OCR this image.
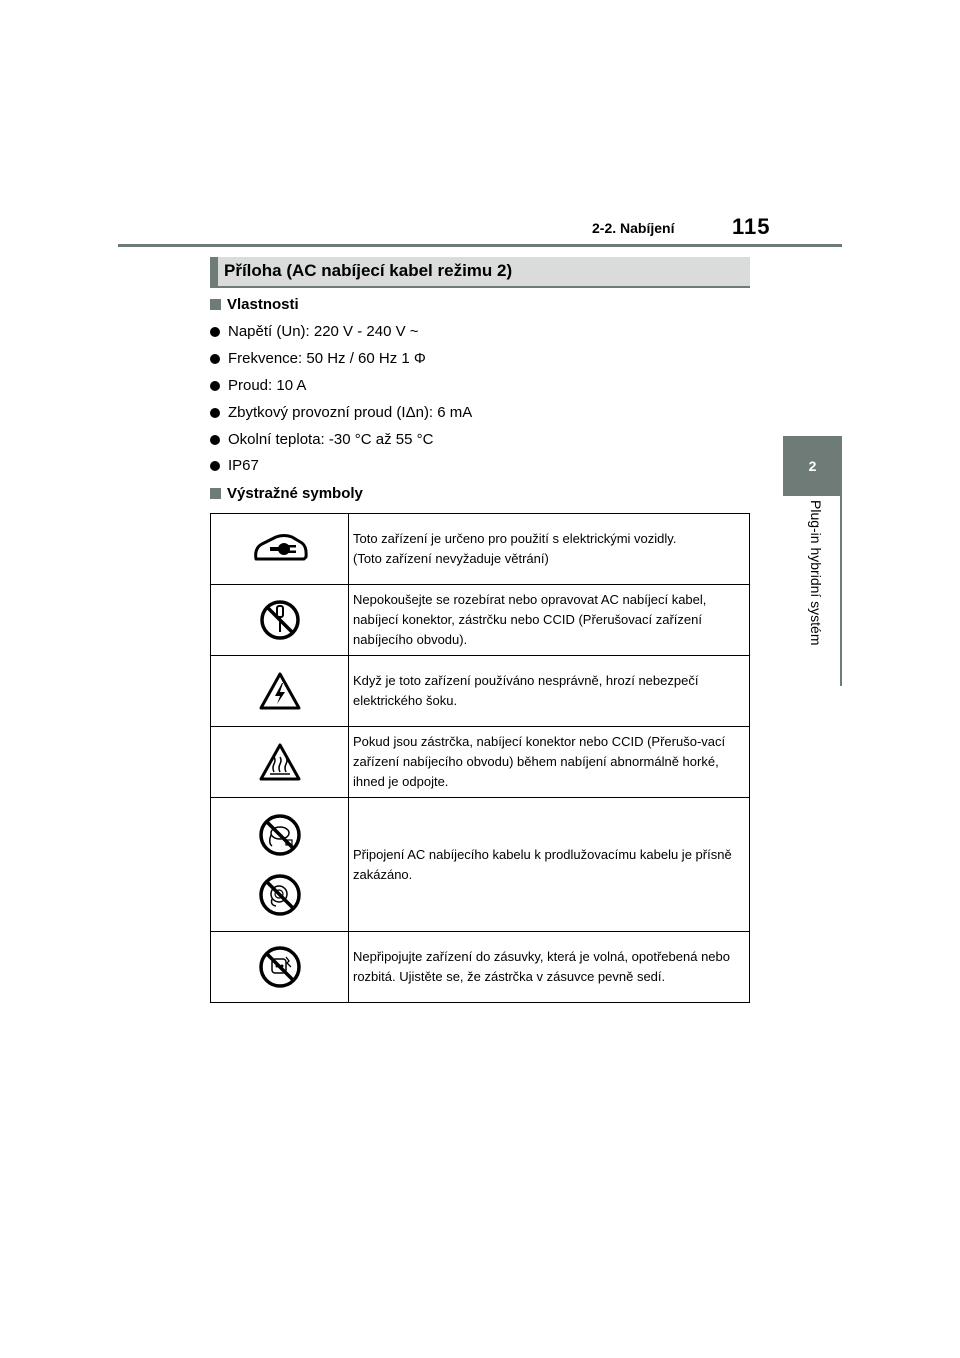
2-2. Nabíjení	115
2
Plug-in hybridní systém
Příloha (AC nabíjecí kabel režimu 2)
Vlastnosti
Napětí (Un): 220 V - 240 V ~
Frekvence: 50 Hz / 60 Hz 1 Φ
Proud: 10 A
Zbytkový provozní proud (IΔn): 6 mA
Okolní teplota: -30 °C až 55 °C
IP67
Výstražné symboly

Toto zařízení je určeno pro použití s elektrickými vozidly.
(Toto zařízení nevyžaduje větrání)

	Nepokoušejte se rozebírat nebo opravovat AC nabíjecí kabel, nabíjecí konektor, zástrčku nebo CCID (Přerušovací zařízení nabíjecího obvodu).

	Když je toto zařízení používáno nesprávně, hrozí nebezpečí elektrického šoku.

	Pokud jsou zástrčka, nabíjecí konektor nebo CCID (Přerušo-vací zařízení nabíjecího obvodu) během nabíjení abnormálně horké, ihned je odpojte.

	Připojení AC nabíjecího kabelu k prodlužovacímu kabelu je přísně zakázáno.

	Nepřipojujte zařízení do zásuvky, která je volná, opotřebená nebo rozbitá. Ujistěte se, že zástrčka v zásuvce pevně sedí.
